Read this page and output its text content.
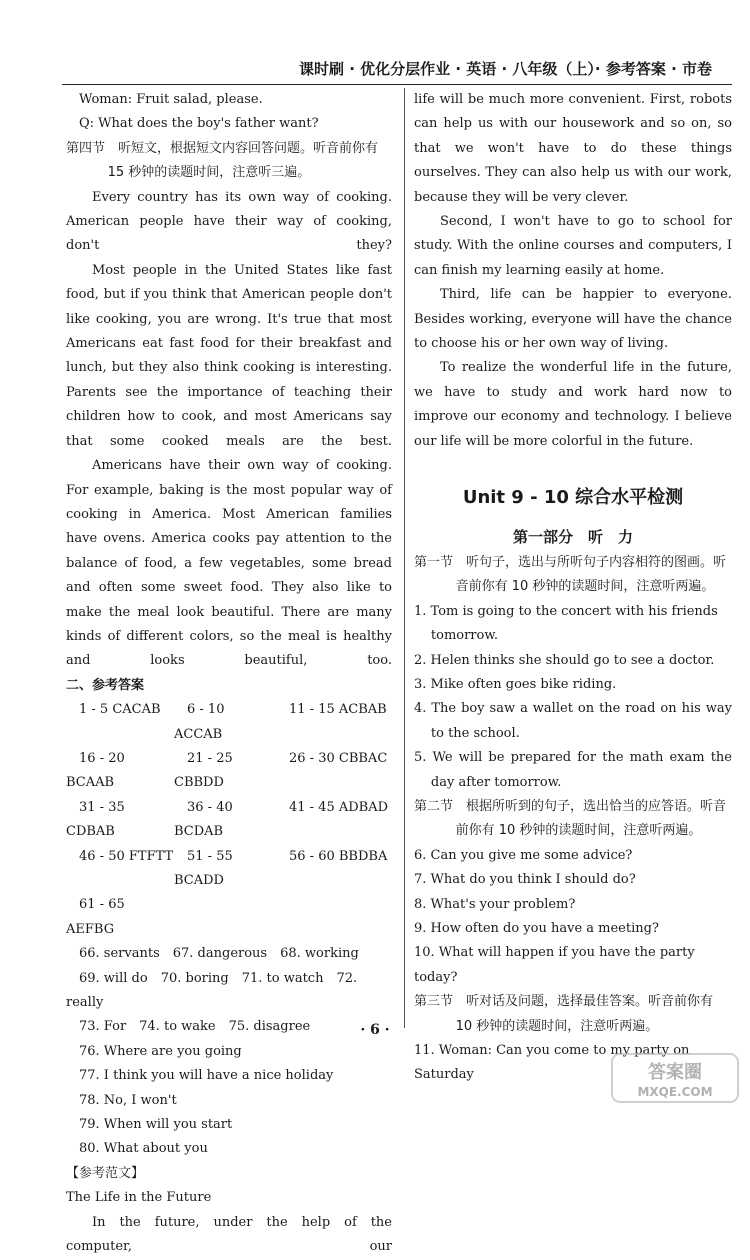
课时刷 · 优化分层作业 · 英语 · 八年级（上）· 参考答案 · 市卷

Woman: Fruit salad, please.

Q: What does the boy's father want?

第四节　听短文，根据短文内容回答问题。听音前你有 15 秒钟的读题时间，注意听三遍。

Every country has its own way of cooking. American people have their way of cooking, don't they?

Most people in the United States like fast food, but if you think that American people don't like cooking, you are wrong. It's true that most Americans eat fast food for their breakfast and lunch, but they also think cooking is interesting. Parents see the importance of teaching their children how to cook, and most Americans say that some cooked meals are the best.

Americans have their own way of cooking. For example, baking is the most popular way of cooking in America. Most American families have ovens. America cooks pay attention to the balance of food, a few vegetables, some bread and often some sweet food. They also like to make the meal look beautiful. There are many kinds of different colors, so the meal is healthy and looks beautiful, too.

二、参考答案

1 - 5 CACAB	6 - 10 ACCAB
11 - 15 ACBAB
16 - 20 BCAAB
21 - 25 CBBDD
26 - 30 CBBAC
31 - 35 CDBAB
36 - 40 BCDAB
41 - 45 ADBAD
46 - 50 FTFTT	51 - 55 BCADD
56 - 60 BBDBA
61 - 65 AEFBG

66. servants　67. dangerous　68. working

69. will do　70. boring　71. to watch　72. really

73. For　74. to wake　75. disagree

76. Where are you going

77. I think you will have a nice holiday

78. No, I won't

79. When will you start

80. What about you

【参考范文】

The Life in the Future

In the future, under the help of the computer, our

life will be much more convenient. First, robots can help us with our housework and so on, so that we won't have to do these things ourselves. They can also help us with our work, because they will be very clever.

Second, I won't have to go to school for study. With the online courses and computers, I can finish my learning easily at home.

Third, life can be happier to everyone. Besides working, everyone will have the chance to choose his or her own way of living.

To realize the wonderful life in the future, we have to study and work hard now to improve our economy and technology. I believe our life will be more colorful in the future.

Unit 9 - 10 综合水平检测
第一部分　听　力

第一节　听句子，选出与所听句子内容相符的图画。听音前你有 10 秒钟的读题时间，注意听两遍。

1. Tom is going to the concert with his friends tomorrow.

2. Helen thinks she should go to see a doctor.

3. Mike often goes bike riding.

4. The boy saw a wallet on the road on his way to the school.

5. We will be prepared for the math exam the day after tomorrow.

第二节　根据所听到的句子，选出恰当的应答语。听音前你有 10 秒钟的读题时间，注意听两遍。

6. Can you give me some advice?

7. What do you think I should do?

8. What's your problem?

9. How often do you have a meeting?

10. What will happen if you have the party today?

第三节　听对话及问题，选择最佳答案。听音前你有 10 秒钟的读题时间，注意听两遍。

11. Woman: Can you come to my party on Saturday

· 6 ·
答案圈
MXQE.COM
